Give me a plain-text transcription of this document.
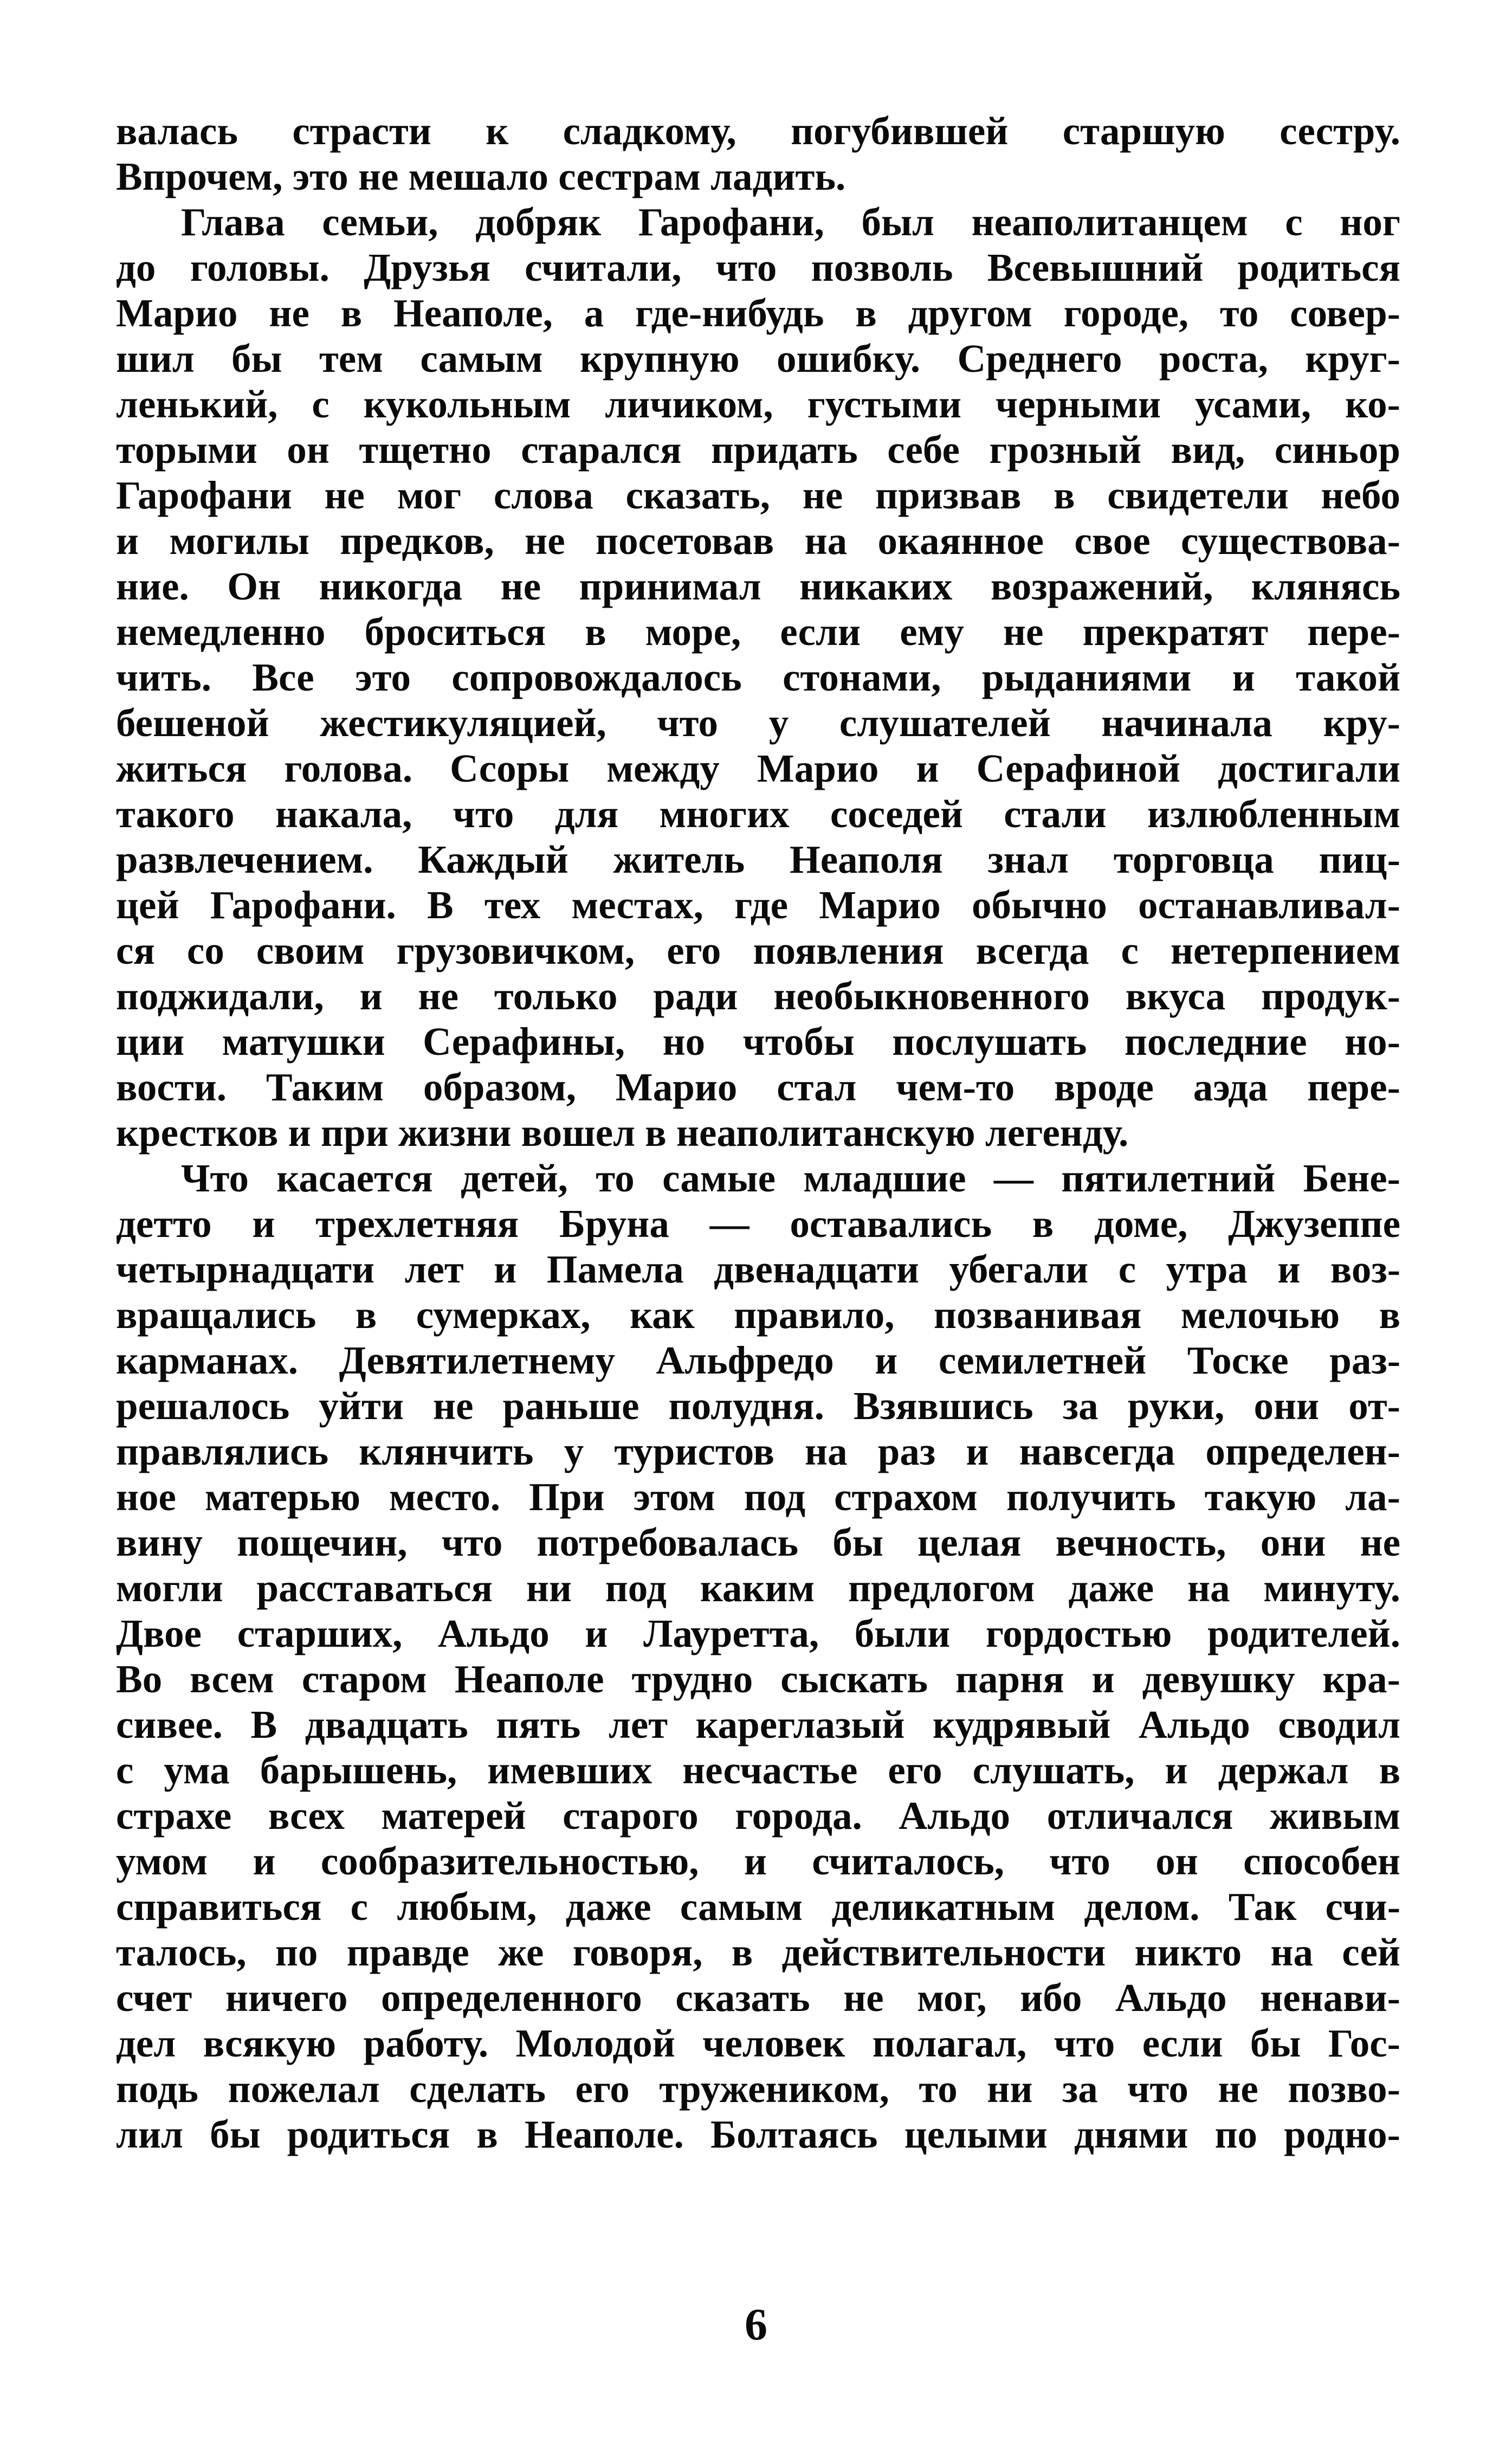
валась страсти к сладкому, погубившей старшую сестру.
Впрочем, это не мешало сестрам ладить.
Глава семьи, добряк Гарофани, был неаполитанцем с ног
до головы. Друзья считали, что позволь Всевышний родиться
Марио не в Неаполе, а где-нибудь в другом городе, то совер-
шил бы тем самым крупную ошибку. Среднего роста, круг-
ленький, с кукольным личиком, густыми черными усами, ко-
торыми он тщетно старался придать себе грозный вид, синьор
Гарофани не мог слова сказать, не призвав в свидетели небо
и могилы предков, не посетовав на окаянное свое существова-
ние. Он никогда не принимал никаких возражений, клянясь
немедленно броситься в море, если ему не прекратят пере-
чить. Все это сопровождалось стонами, рыданиями и такой
бешеной жестикуляцией, что у слушателей начинала кру-
житься голова. Ссоры между Марио и Серафиной достигали
такого накала, что для многих соседей стали излюбленным
развлечением. Каждый житель Неаполя знал торговца пиц-
цей Гарофани. В тех местах, где Марио обычно останавливал-
ся со своим грузовичком, его появления всегда с нетерпением
поджидали, и не только ради необыкновенного вкуса продук-
ции матушки Серафины, но чтобы послушать последние но-
вости. Таким образом, Марио стал чем-то вроде аэда пере-
крестков и при жизни вошел в неаполитанскую легенду.
Что касается детей, то самые младшие — пятилетний Бене-
детто и трехлетняя Бруна — оставались в доме, Джузеппе
четырнадцати лет и Памела двенадцати убегали с утра и воз-
вращались в сумерках, как правило, позванивая мелочью в
карманах. Девятилетнему Альфредо и семилетней Тоске раз-
решалось уйти не раньше полудня. Взявшись за руки, они от-
правлялись клянчить у туристов на раз и навсегда определен-
ное матерью место. При этом под страхом получить такую ла-
вину пощечин, что потребовалась бы целая вечность, они не
могли расставаться ни под каким предлогом даже на минуту.
Двое старших, Альдо и Лауретта, были гордостью родителей.
Во всем старом Неаполе трудно сыскать парня и девушку кра-
сивее. В двадцать пять лет кареглазый кудрявый Альдо сводил
с ума барышень, имевших несчастье его слушать, и держал в
страхе всех матерей старого города. Альдо отличался живым
умом и сообразительностью, и считалось, что он способен
справиться с любым, даже самым деликатным делом. Так счи-
талось, по правде же говоря, в действительности никто на сей
счет ничего определенного сказать не мог, ибо Альдо ненави-
дел всякую работу. Молодой человек полагал, что если бы Гос-
подь пожелал сделать его тружеником, то ни за что не позво-
лил бы родиться в Неаполе. Болтаясь целыми днями по родно-
6
